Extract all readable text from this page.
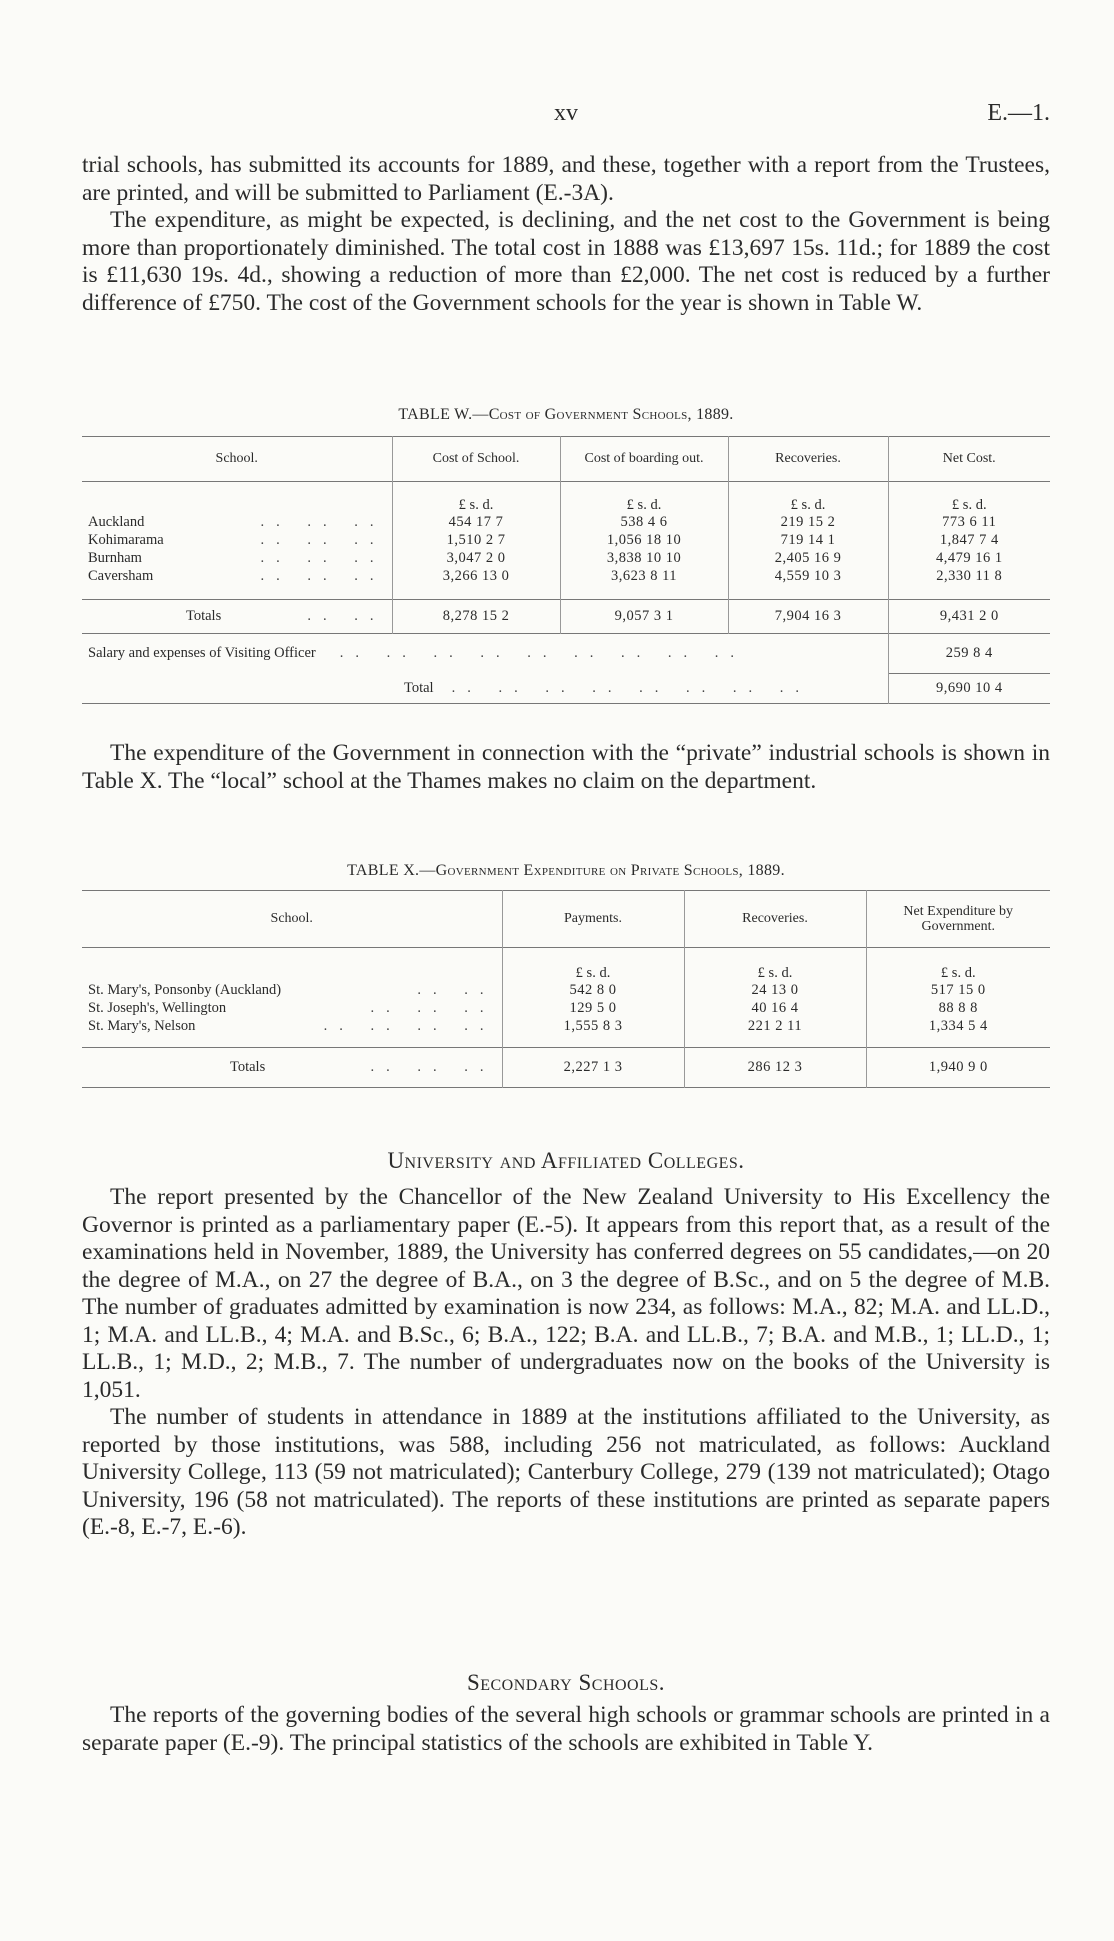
xv	E.—1.

trial schools, has submitted its accounts for 1889, and these, together with a report from the Trustees, are printed, and will be submitted to Parliament (E.-3A).

The expenditure, as might be expected, is declining, and the net cost to the Government is being more than proportionately diminished. The total cost in 1888 was £13,697 15s. 11d.; for 1889 the cost is £11,630 19s. 4d., showing a reduction of more than £2,000. The net cost is reduced by a further difference of £750. The cost of the Government schools for the year is shown in Table W.

TABLE W.—Cost of Government Schools, 1889.
School.	Cost of School.	Cost of boarding out.	Recoveries.	Net Cost.
	£ s. d.	£ s. d.	£ s. d.	£ s. d.
Auckland .. .. ..	454 17 7	538 4 6	219 15 2	773 6 11
Kohimarama .. .. ..	1,510 2 7	1,056 18 10	719 14 1	1,847 7 4
Burnham .. .. ..	3,047 2 0	3,838 10 10	2,405 16 9	4,479 16 1
Caversham .. .. ..	3,266 13 0	3,623 8 11	4,559 10 3	2,330 11 8

Totals .. ..	8,278 15 2	9,057 3 1	7,904 16 3	9,431 2 0
Salary and expenses of Visiting Officer .. .. .. .. .. .. .. .. ..				259 8 4
Total .. .. .. .. .. .. .. ..				9,690 10 4

The expenditure of the Government in connection with the “private” industrial schools is shown in Table X. The “local” school at the Thames makes no claim on the department.

TABLE X.—Government Expenditure on Private Schools, 1889.
School.	Payments.	Recoveries.	Net Expenditure by Government.
	£ s. d.	£ s. d.	£ s. d.
St. Mary's, Ponsonby (Auckland) .. ..	542 8 0	24 13 0	517 15 0
St. Joseph's, Wellington .. .. ..	129 5 0	40 16 4	88 8 8
St. Mary's, Nelson .. .. .. ..	1,555 8 3	221 2 11	1,334 5 4

Totals .. .. ..	2,227 1 3	286 12 3	1,940 9 0
University and Affiliated Colleges.

The report presented by the Chancellor of the New Zealand University to His Excellency the Governor is printed as a parliamentary paper (E.-5). It appears from this report that, as a result of the examinations held in November, 1889, the University has conferred degrees on 55 candidates,—on 20 the degree of M.A., on 27 the degree of B.A., on 3 the degree of B.Sc., and on 5 the degree of M.B. The number of graduates admitted by examination is now 234, as follows: M.A., 82; M.A. and LL.D., 1; M.A. and LL.B., 4; M.A. and B.Sc., 6; B.A., 122; B.A. and LL.B., 7; B.A. and M.B., 1; LL.D., 1; LL.B., 1; M.D., 2; M.B., 7. The number of undergraduates now on the books of the University is 1,051.

The number of students in attendance in 1889 at the institutions affiliated to the University, as reported by those institutions, was 588, including 256 not matriculated, as follows: Auckland University College, 113 (59 not matriculated); Canterbury College, 279 (139 not matriculated); Otago University, 196 (58 not matriculated). The reports of these institutions are printed as separate papers (E.-8, E.-7, E.-6).

Secondary Schools.

The reports of the governing bodies of the several high schools or grammar schools are printed in a separate paper (E.-9). The principal statistics of the schools are exhibited in Table Y.
